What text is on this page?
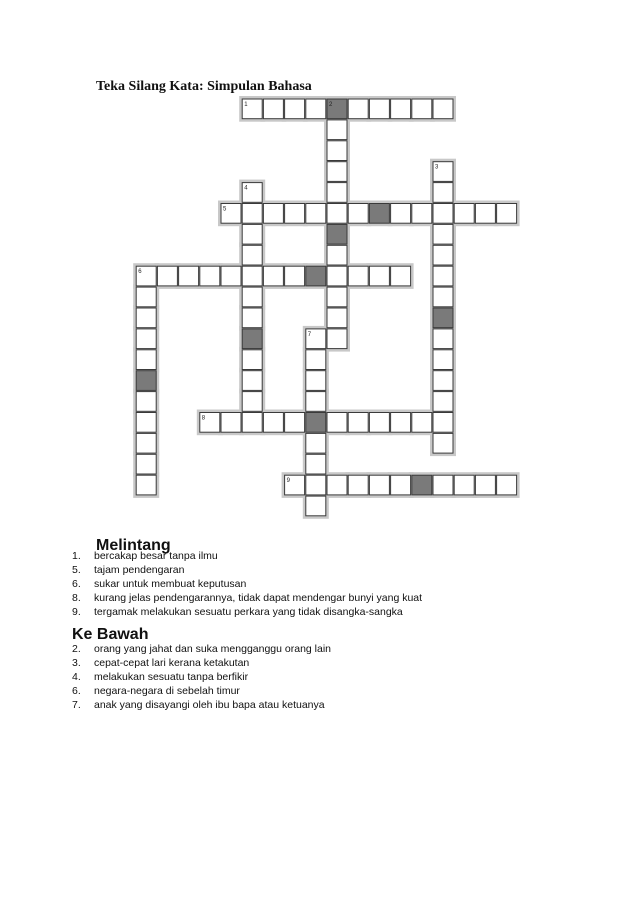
Teka Silang Kata: Simpulan Bahasa
1	2
3
4
5
6
7
8
9
Melintang
1. bercakap besar tanpa ilmu
5. tajam pendengaran
6. sukar untuk membuat keputusan
8. kurang jelas pendengarannya, tidak dapat mendengar bunyi yang kuat
9. tergamak melakukan sesuatu perkara yang tidak disangka-sangka
Ke Bawah
2. orang yang jahat dan suka mengganggu orang lain
3. cepat-cepat lari kerana ketakutan
4. melakukan sesuatu tanpa berfikir
6. negara-negara di sebelah timur
7. anak yang disayangi oleh ibu bapa atau ketuanya
